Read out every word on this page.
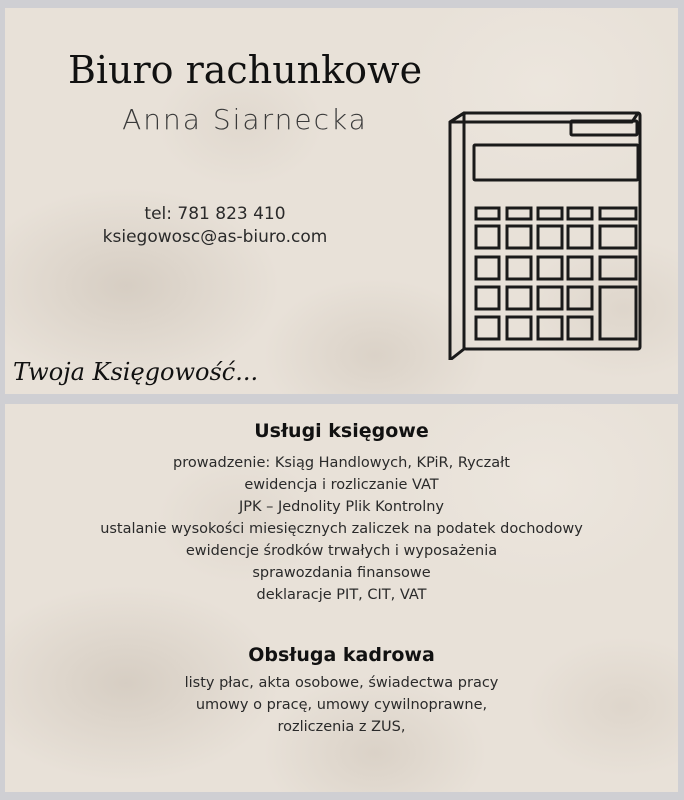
Biuro rachunkowe
Anna Siarnecka
tel: 781 823 410
ksiegowosc@as-biuro.com
Twoja Księgowość...
Usługi księgowe
prowadzenie: Ksiąg Handlowych, KPiR, Ryczałt
ewidencja i rozliczanie VAT
JPK – Jednolity Plik Kontrolny
ustalanie wysokości miesięcznych zaliczek na podatek dochodowy
ewidencje środków trwałych i wyposażenia
sprawozdania finansowe
deklaracje PIT, CIT, VAT
Obsługa kadrowa
listy płac, akta osobowe, świadectwa pracy
umowy o pracę, umowy cywilnoprawne,
rozliczenia z ZUS,
